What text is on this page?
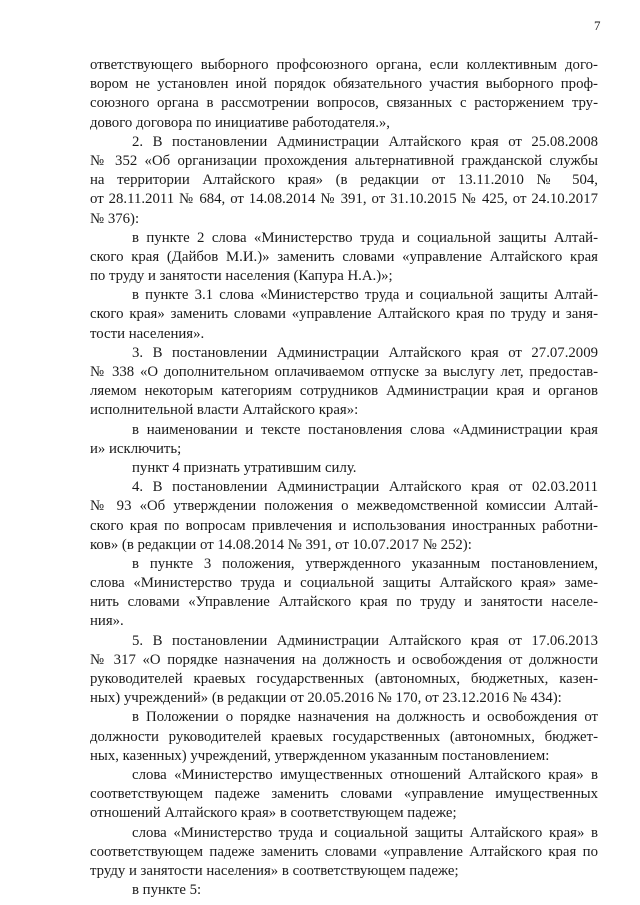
7
ответствующего выборного профсоюзного органа, если коллективным дого-
вором не установлен иной порядок обязательного участия выборного проф-
союзного органа в рассмотрении вопросов, связанных с расторжением тру-
дового договора по инициативе работодателя.»,
2. В постановлении Администрации Алтайского края от 25.08.2008
№ 352 «Об организации прохождения альтернативной гражданской службы
на территории Алтайского края» (в редакции от 13.11.2010 № 504,
от 28.11.2011 № 684, от 14.08.2014 № 391, от 31.10.2015 № 425, от 24.10.2017
№ 376):
в пункте 2 слова «Министерство труда и социальной защиты Алтай-
ского края (Дайбов М.И.)» заменить словами «управление Алтайского края
по труду и занятости населения (Капура Н.А.)»;
в пункте 3.1 слова «Министерство труда и социальной защиты Алтай-
ского края» заменить словами «управление Алтайского края по труду и заня-
тости населения».
3. В постановлении Администрации Алтайского края от 27.07.2009
№ 338 «О дополнительном оплачиваемом отпуске за выслугу лет, предостав-
ляемом некоторым категориям сотрудников Администрации края и органов
исполнительной власти Алтайского края»:
в наименовании и тексте постановления слова «Администрации края
и» исключить;
пункт 4 признать утратившим силу.
4. В постановлении Администрации Алтайского края от 02.03.2011
№ 93 «Об утверждении положения о межведомственной комиссии Алтай-
ского края по вопросам привлечения и использования иностранных работни-
ков» (в редакции от 14.08.2014 № 391, от 10.07.2017 № 252):
в пункте 3 положения, утвержденного указанным постановлением,
слова «Министерство труда и социальной защиты Алтайского края» заме-
нить словами «Управление Алтайского края по труду и занятости населе-
ния».
5. В постановлении Администрации Алтайского края от 17.06.2013
№ 317 «О порядке назначения на должность и освобождения от должности
руководителей краевых государственных (автономных, бюджетных, казен-
ных) учреждений» (в редакции от 20.05.2016 № 170, от 23.12.2016 № 434):
в Положении о порядке назначения на должность и освобождения от
должности руководителей краевых государственных (автономных, бюджет-
ных, казенных) учреждений, утвержденном указанным постановлением:
слова «Министерство имущественных отношений Алтайского края» в
соответствующем падеже заменить словами «управление имущественных
отношений Алтайского края» в соответствующем падеже;
слова «Министерство труда и социальной защиты Алтайского края» в
соответствующем падеже заменить словами «управление Алтайского края по
труду и занятости населения» в соответствующем падеже;
в пункте 5:
